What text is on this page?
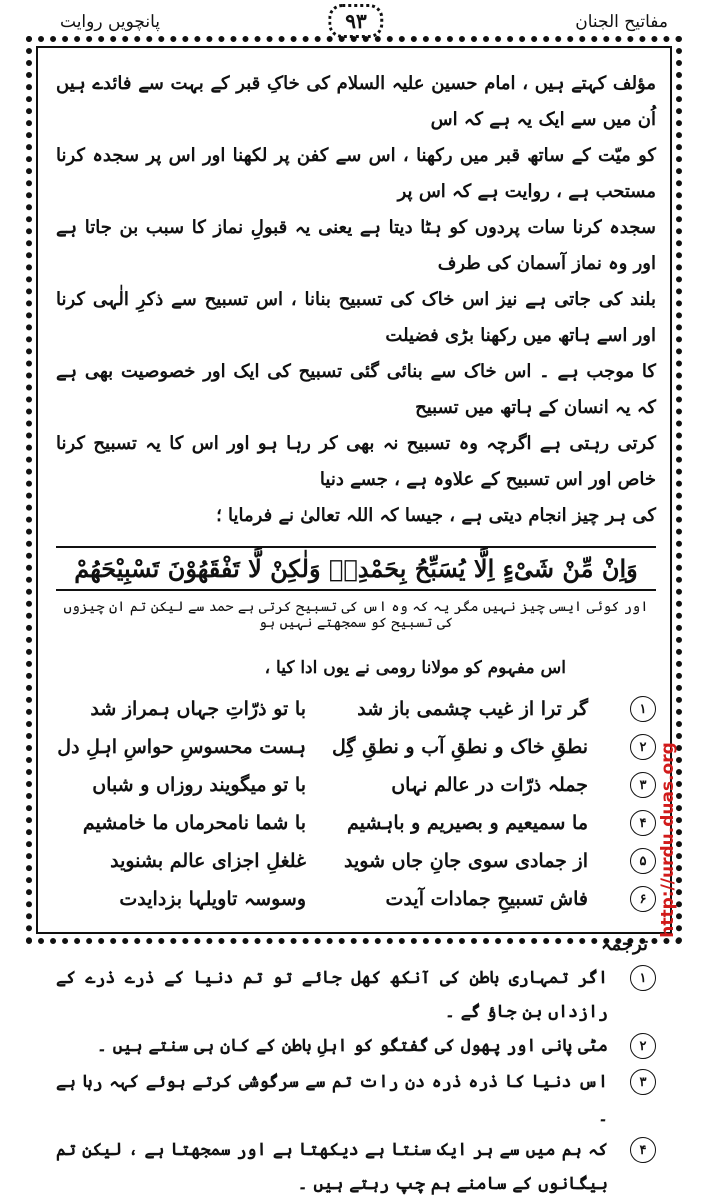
پانچویں روایت	۹۳	مفاتیح الجنان

مؤلف کہتے ہیں ، امام حسین علیہ السلام کی خاکِ قبر کے بہت سے فائدے ہیں اُن میں سے ایک یہ ہے کہ اس

کو میّت کے ساتھ قبر میں رکھنا ، اس سے کفن پر لکھنا اور اس پر سجدہ کرنا مستحب ہے ، روایت ہے کہ اس پر

سجدہ کرنا سات پردوں کو ہٹا دیتا ہے یعنی یہ قبولِ نماز کا سبب بن جاتا ہے اور وہ نماز آسمان کی طرف

بلند کی جاتی ہے نیز اس خاک کی تسبیح بنانا ، اس تسبیح سے ذکرِ الٰہی کرنا اور اسے ہاتھ میں رکھنا بڑی فضیلت

کا موجب ہے ۔ اس خاک سے بنائی گئی تسبیح کی ایک اور خصوصیت بھی ہے کہ یہ انسان کے ہاتھ میں تسبیح

کرتی رہتی ہے اگرچہ وہ تسبیح نہ بھی کر رہا ہو اور اس کا یہ تسبیح کرنا خاص اور اس تسبیح کے علاوہ ہے ، جسے دنیا

کی ہر چیز انجام دیتی ہے ، جیسا کہ اللہ تعالیٰ نے فرمایا ؛

وَاِنْ مِّنْ شَیْءٍ اِلَّا یُسَبِّحُ بِحَمْدِهٖ وَلٰكِنْ لَّا تَفْقَهُوْنَ تَسْبِیْحَهُمْ
اور کوئی ایسی چیز نہیں مگر یہ کہ وہ اس کی تسبیح کرتی ہے حمد سے لیکن تم ان چیزوں کی تسبیح کو سمجھتے نہیں ہو
اس مفہوم کو مولانا رومی نے یوں ادا کیا ،
۱
گر ترا از غیب چشمی باز شد
با تو ذرّاتِ جہاں ہمراز شد
۲
نطقِ خاک و نطقِ آب و نطقِ گِل
ہست محسوسِ حواسِ اہلِ دل
۳
جملہ ذرّات در عالم نہاں
با تو میگویند روزاں و شباں
۴
ما سمیعیم و بصیریم و باہشیم
با شما نامحرماں ما خامشیم
۵
از جمادی سوی جانِ جاں شوید
غلغلِ اجزای عالم بشنوید
۶
فاش تسبیحِ جمادات آیدت
وسوسہ تاویلہا بزدایدت
ترجمہ
۱
اگر تمہاری باطن کی آنکھ کھل جائے تو تم دنیا کے ذرے ذرے کے رازداں بن جاؤ گے ۔
۲
مٹی پانی اور پھول کی گفتگو کو اہلِ باطن کے کان ہی سنتے ہیں ۔
۳
اس دنیا کا ذرہ ذرہ دن رات تم سے سرگوشی کرتے ہوئے کہہ رہا ہے ۔
۴
کہ ہم میں سے ہر ایک سنتا ہے دیکھتا ہے اور سمجھتا ہے ، لیکن تم بیگانوں کے سامنے ہم چپ رہتے ہیں ۔
http://urdu.duas.org
